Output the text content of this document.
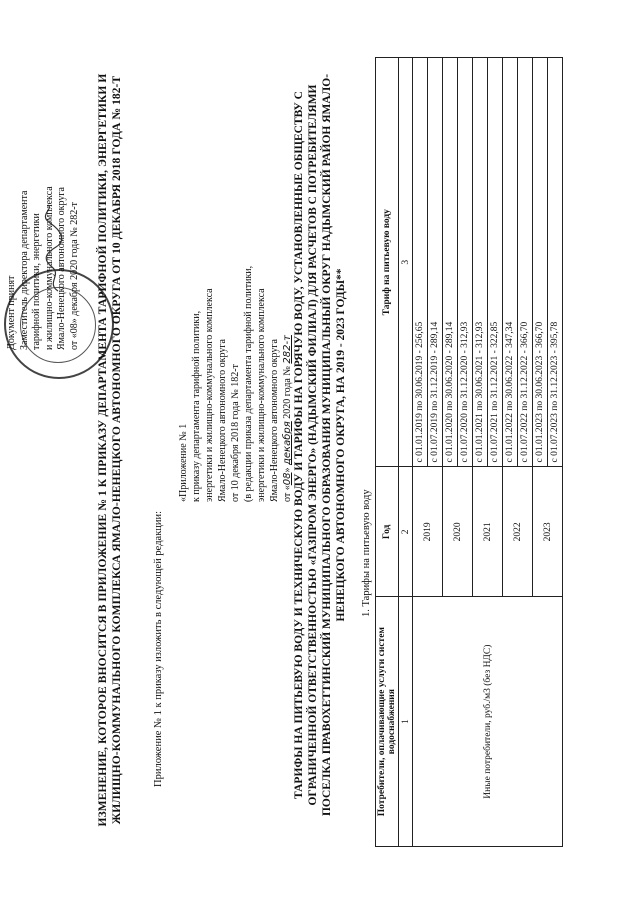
Документ принят Заместитель директора департамента тарифной политики, энергетики и жилищно-коммунального комплекса Ямало-Ненецкого автономного округа от «08» декабря 2020 года № 282-т ИЗМЕНЕНИЕ, КОТОРОЕ ВНОСИТСЯ В ПРИЛОЖЕНИЕ № 1 К ПРИКАЗУ ДЕПАРТАМЕНТА ТАРИФНОЙ ПОЛИТИКИ, ЭНЕРГЕТИКИ И ЖИЛИЩНО-КОММУНАЛЬНОГО КОМПЛЕКСА ЯМАЛО-НЕНЕЦКОГО АВТОНОМНОГО ОКРУГА ОТ 10 ДЕКАБРЯ 2018 ГОДА № 182-Т	Приложение № 1 к приказу изложить в следующей редакции:
«Приложение № 1 к приказу департамента тарифной политики, энергетики и жилищно-коммунального комплекса Ямало-Ненецкого автономного округа от 10 декабря 2018 года № 182-т (в редакции приказа департамента тарифной политики, энергетики и жилищно-коммунального комплекса Ямало-Ненецкого автономного округа от «08» декабря 2020 года № 282-т ТАРИФЫ НА ПИТЬЕВУЮ ВОДУ И ТЕХНИЧЕСКУЮ ВОДУ И ТАРИФЫ НА ГОРЯЧУЮ ВОДУ, УСТАНОВЛЕННЫЕ ОБЩЕСТВУ С ОГРАНИЧЕННОЙ ОТВЕТСТВЕННОСТЬЮ «ГАЗПРОМ ЭНЕРГО» (НАДЫМСКИЙ ФИЛИАЛ) ДЛЯ РАСЧЕТОВ С ПОТРЕБИТЕЛЯМИ ПОСЕЛКА ПРАВОХЕТТИНСКИЙ МУНИЦИПАЛЬНОГО ОБРАЗОВАНИЯ МУНИЦИПАЛЬНЫЙ ОКРУГ НАДЫМСКИЙ РАЙОН ЯМАЛО-НЕНЕЦКОГО АВТОНОМНОГО ОКРУГА, НА 2019 - 2023 ГОДЫ** 1. Тарифы на питьевую воду
Потребители, оплачивающие услуги систем водоснабжения	Год	Тариф на питьевую воду
1	2	3
Иные потребители, руб./м3 (без НДС)	2019	с 01.01.2019 по 30.06.2019 - 256,65
		с 01.07.2019 по 31.12.2019 - 289,14
	2020	с 01.01.2020 по 30.06.2020 - 289,14
		с 01.07.2020 по 31.12.2020 - 312,93
	2021	с 01.01.2021 по 30.06.2021 - 312,93
		с 01.07.2021 по 31.12.2021 - 322,85
	2022	с 01.01.2022 по 30.06.2022 - 347,34
		с 01.07.2022 по 31.12.2022 - 366,70
	2023	с 01.01.2023 по 30.06.2023 - 366,70
		с 01.07.2023 по 31.12.2023 - 395,78
